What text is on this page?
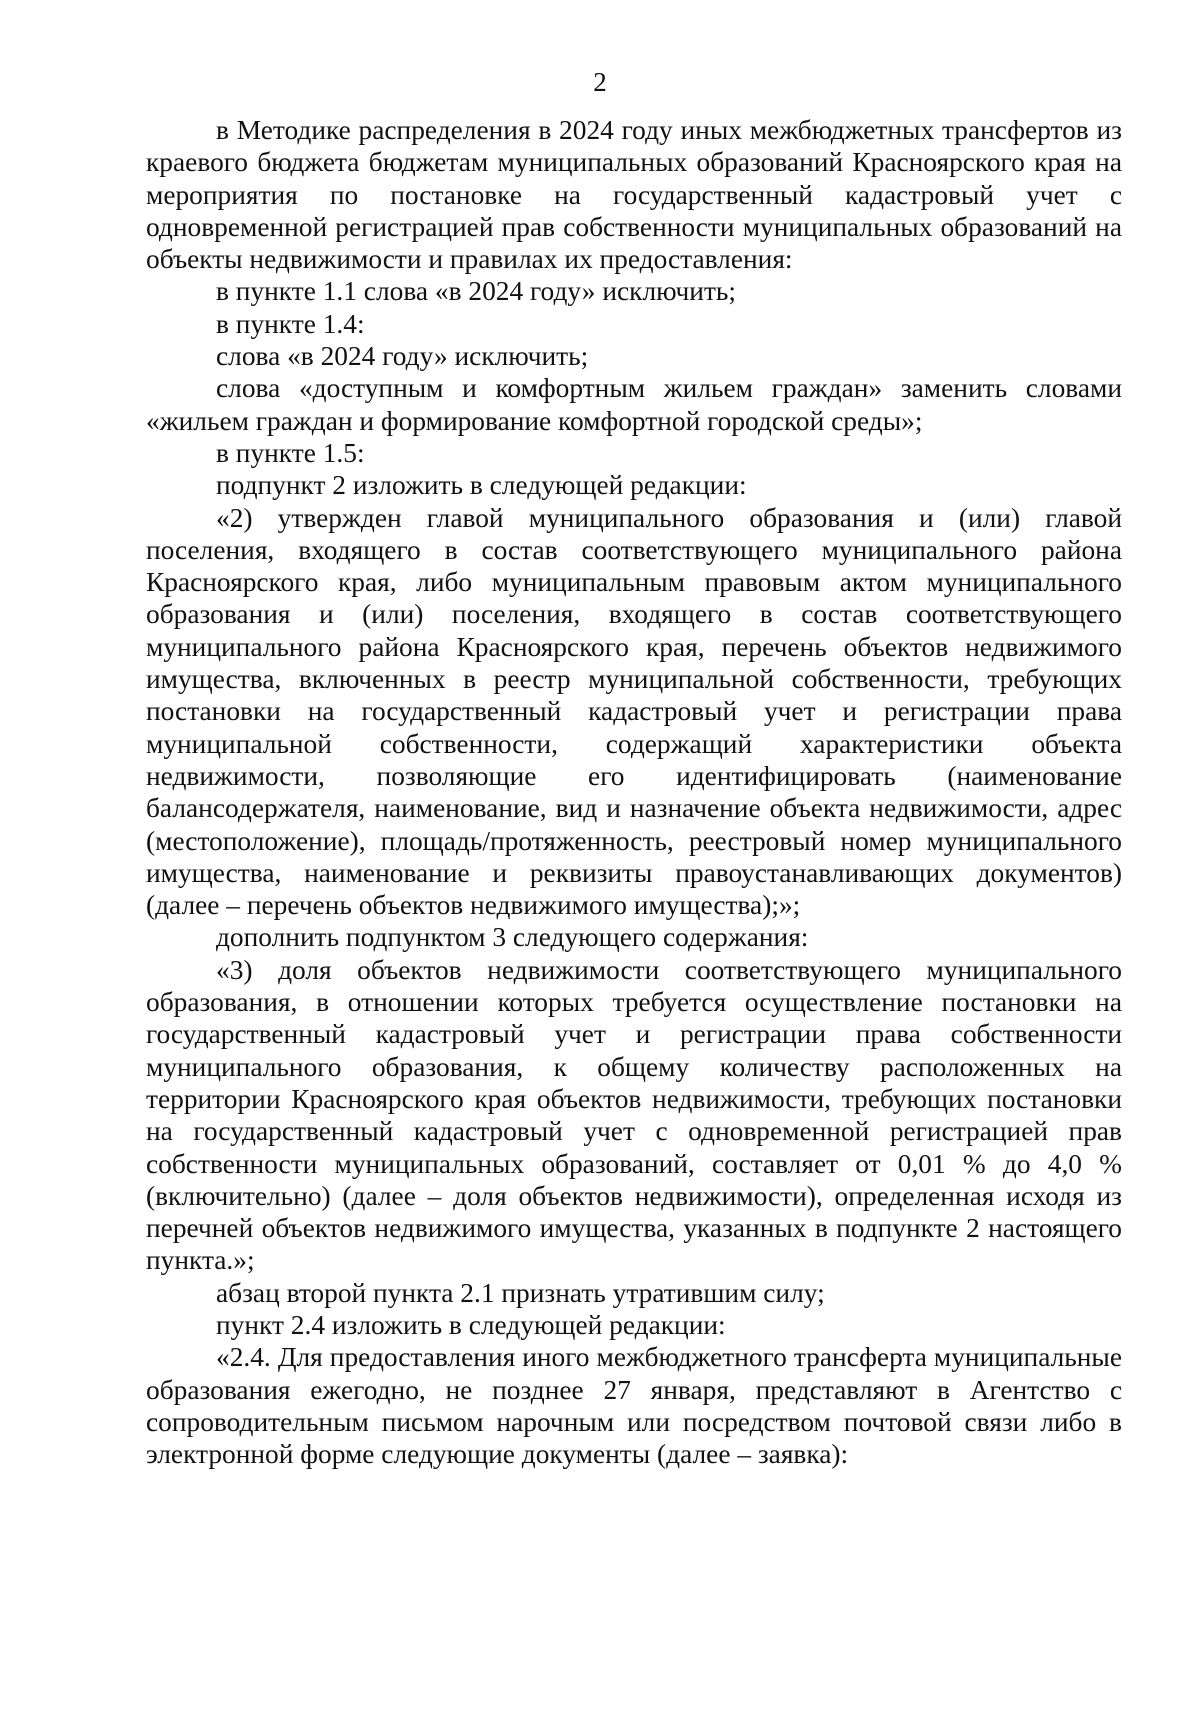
2

в Методике распределения в 2024 году иных межбюджетных трансфертов из краевого бюджета бюджетам муниципальных образований Красноярского края на мероприятия по постановке на государственный кадастровый учет с одновременной регистрацией прав собственности муниципальных образований на объекты недвижимости и правилах их предоставления:

в пункте 1.1 слова «в 2024 году» исключить;

в пункте 1.4:

слова «в 2024 году» исключить;

слова «доступным и комфортным жильем граждан» заменить словами «жильем граждан и формирование комфортной городской среды»;

в пункте 1.5:

подпункт 2 изложить в следующей редакции:

«2) утвержден главой муниципального образования и (или) главой поселения, входящего в состав соответствующего муниципального района Красноярского края, либо муниципальным правовым актом муниципального образования и (или) поселения, входящего в состав соответствующего муниципального района Красноярского края, перечень объектов недвижимого имущества, включенных в реестр муниципальной собственности, требующих постановки на государственный кадастровый учет и регистрации права муниципальной собственности, содержащий характеристики объекта недвижимости, позволяющие его идентифицировать (наименование балансодержателя, наименование, вид и назначение объекта недвижимости, адрес (местоположение), площадь/протяженность, реестровый номер муниципального имущества, наименование и реквизиты правоустанавливающих документов) (далее – перечень объектов недвижимого имущества);»;

дополнить подпунктом 3 следующего содержания:

«3) доля объектов недвижимости соответствующего муниципального образования, в отношении которых требуется осуществление постановки на государственный кадастровый учет и регистрации права собственности муниципального образования, к общему количеству расположенных на территории Красноярского края объектов недвижимости, требующих постановки на государственный кадастровый учет с одновременной регистрацией прав собственности муниципальных образований, составляет от 0,01 % до 4,0 % (включительно) (далее – доля объектов недвижимости), определенная исходя из перечней объектов недвижимого имущества, указанных в подпункте 2 настоящего пункта.»;

абзац второй пункта 2.1 признать утратившим силу;

пункт 2.4 изложить в следующей редакции:

«2.4. Для предоставления иного межбюджетного трансферта муниципальные образования ежегодно, не позднее 27 января, представляют в Агентство с сопроводительным письмом нарочным или посредством почтовой связи либо в электронной форме следующие документы (далее – заявка):
